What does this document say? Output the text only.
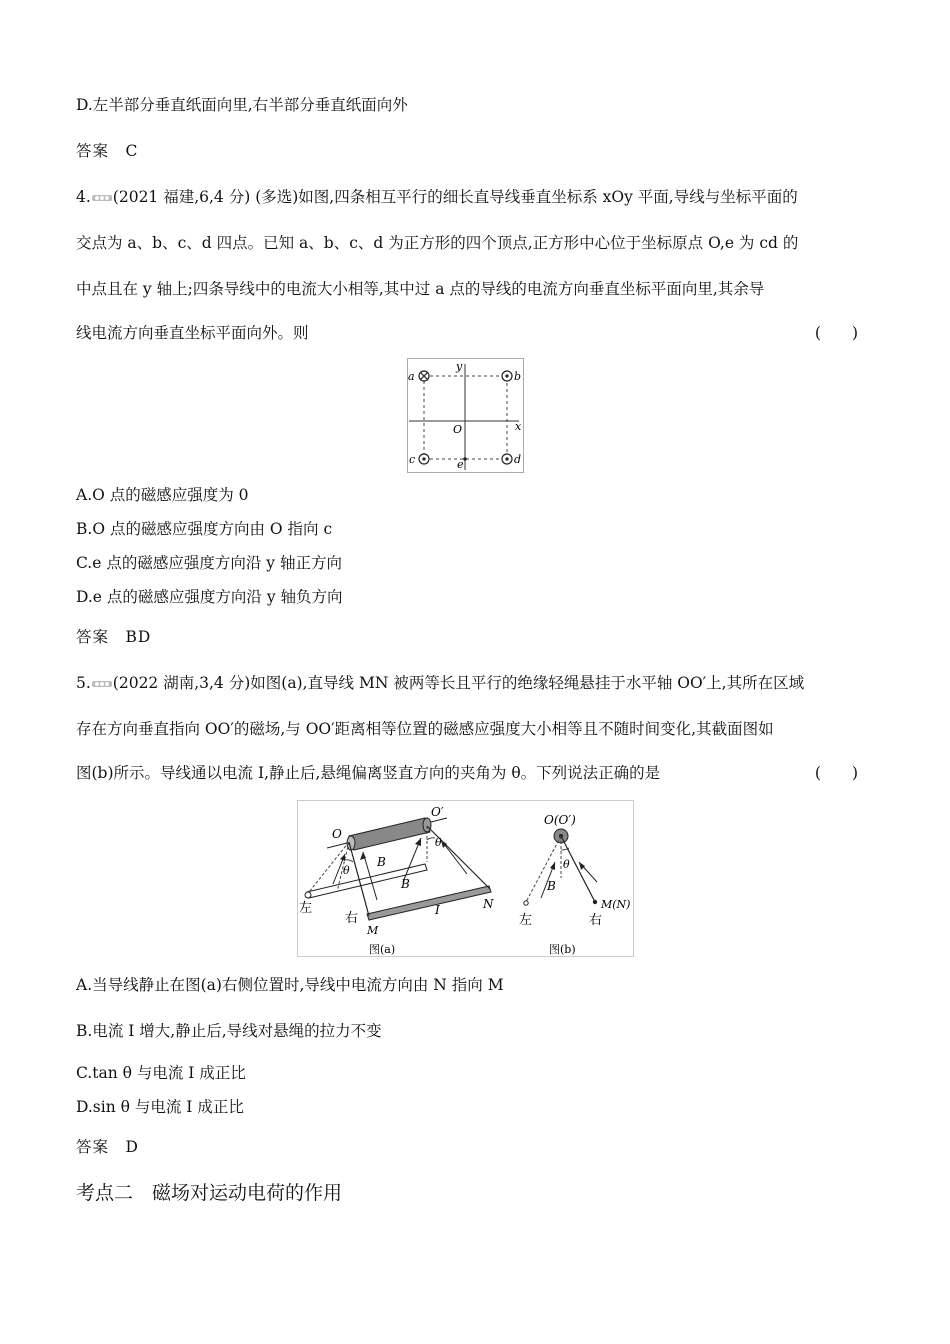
D.左半部分垂直纸面向里,右半部分垂直纸面向外
答案　C
4. (2021 福建,6,4 分) (多选)如图,四条相互平行的细长直导线垂直坐标系 xOy 平面,导线与坐标平面的
交点为 a、b、c、d 四点。已知 a、b、c、d 为正方形的四个顶点,正方形中心位于坐标原点 O,e 为 cd 的
中点且在 y 轴上;四条导线中的电流大小相等,其中过 a 点的导线的电流方向垂直坐标平面向里,其余导
线电流方向垂直坐标平面向外。则	(　　)
a	b
c	d
e
O	x
y
A.O 点的磁感应强度为 0
B.O 点的磁感应强度方向由 O 指向 c
C.e 点的磁感应强度方向沿 y 轴正方向
D.e 点的磁感应强度方向沿 y 轴负方向
答案　BD
5. (2022 湖南,3,4 分)如图(a),直导线 MN 被两等长且平行的绝缘轻绳悬挂于水平轴 OO′上,其所在区域
存在方向垂直指向 OO′的磁场,与 OO′距离相等位置的磁感应强度大小相等且不随时间变化,其截面图如
图(b)所示。导线通以电流 I,静止后,悬绳偏离竖直方向的夹角为 θ。下列说法正确的是	(　　)
O
O′
θ
θ
B
B
左
右
M
N
I
图(a)
O(O′)
θ
B
左	右
M(N)
图(b)
A.当导线静止在图(a)右侧位置时,导线中电流方向由 N 指向 M
B.电流 I 增大,静止后,导线对悬绳的拉力不变
C.tan θ 与电流 I 成正比
D.sin θ 与电流 I 成正比
答案　D
考点二　磁场对运动电荷的作用
